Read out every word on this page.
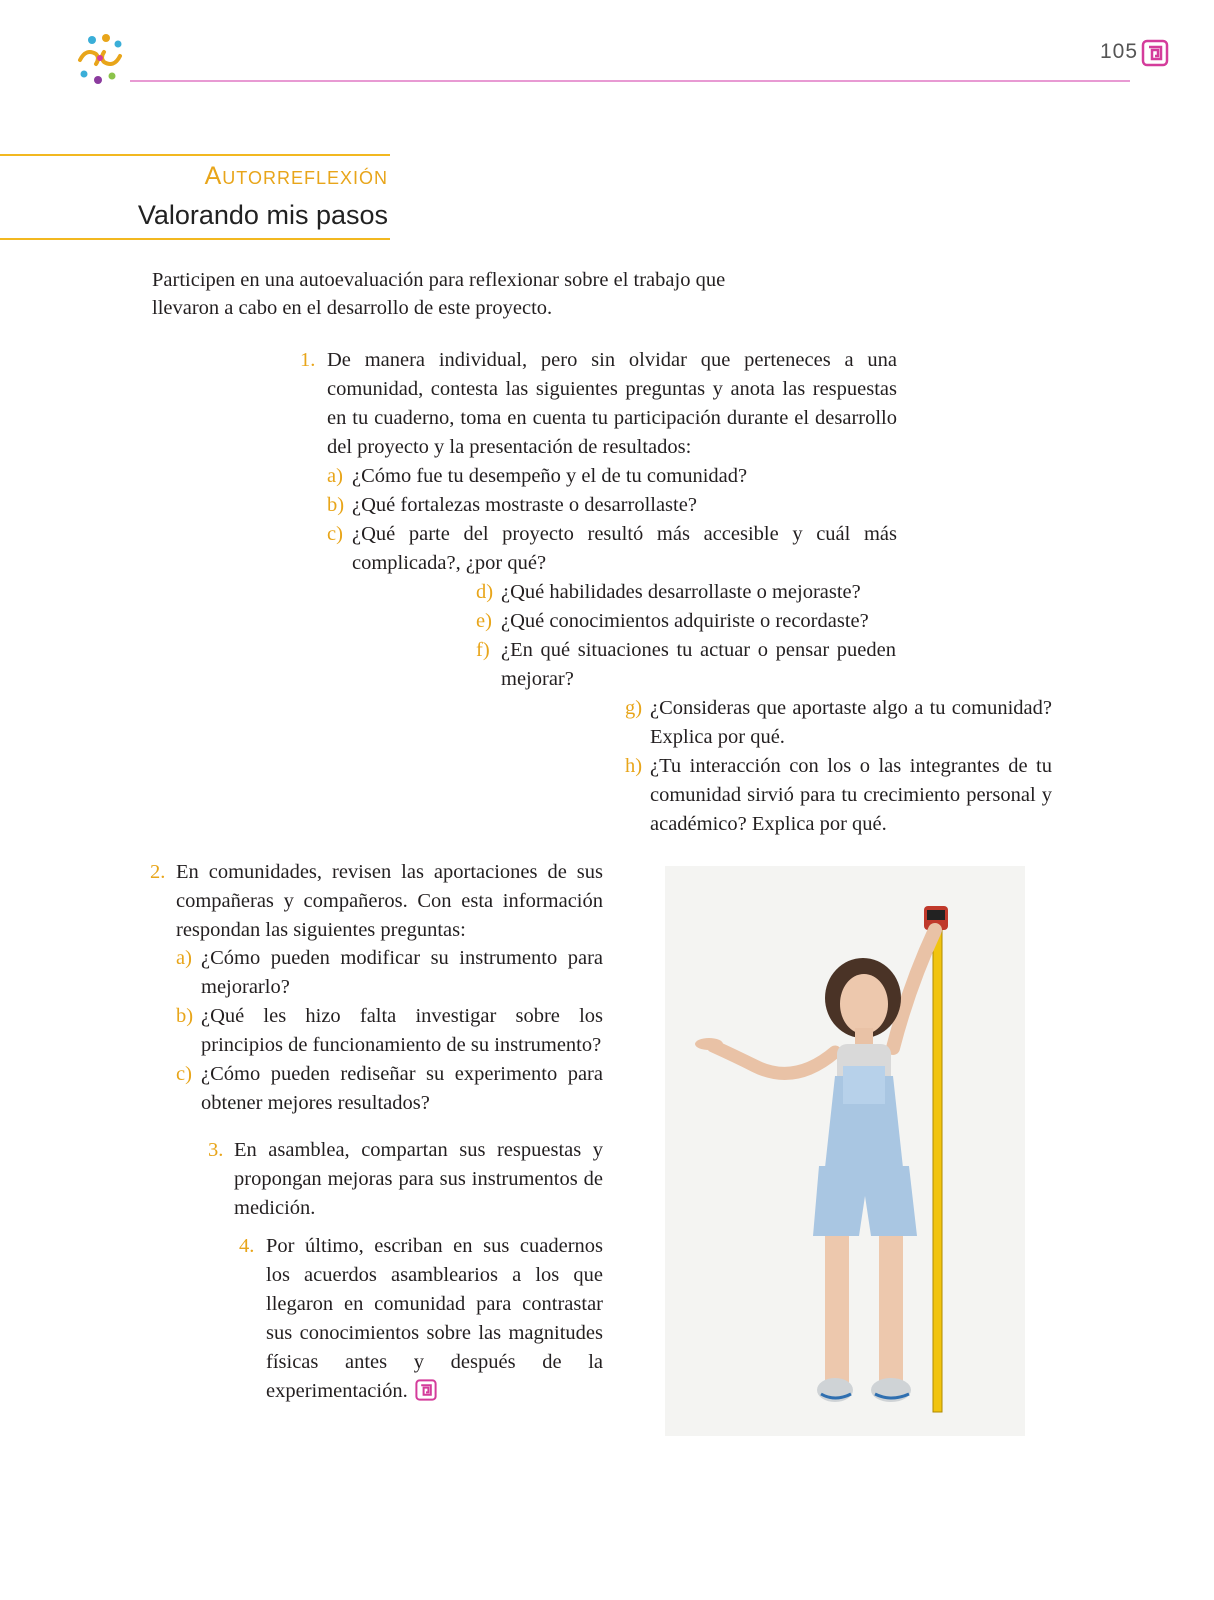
105
Autorreflexión
Valorando mis pasos
Participen en una autoevaluación para reflexionar sobre el trabajo que llevaron a cabo en el desarrollo de este proyecto.
1. De manera individual, pero sin olvidar que perteneces a una comunidad, contesta las siguientes preguntas y anota las respuestas en tu cuaderno, toma en cuenta tu participación durante el desarrollo del proyecto y la presentación de resultados:
a) ¿Cómo fue tu desempeño y el de tu comunidad?
b) ¿Qué fortalezas mostraste o desarrollaste?
c) ¿Qué parte del proyecto resultó más accesible y cuál más complicada?, ¿por qué?
d) ¿Qué habilidades desarrollaste o mejoraste?
e) ¿Qué conocimientos adquiriste o recordaste?
f) ¿En qué situaciones tu actuar o pensar pueden mejorar?
g) ¿Consideras que aportaste algo a tu comunidad? Explica por qué.
h) ¿Tu interacción con los o las integrantes de tu comunidad sirvió para tu crecimiento personal y académico? Explica por qué.
2. En comunidades, revisen las aportaciones de sus compañeras y compañeros. Con esta información respondan las siguientes preguntas:
a) ¿Cómo pueden modificar su instrumento para mejorarlo?
b) ¿Qué les hizo falta investigar sobre los principios de funcionamiento de su instrumento?
c) ¿Cómo pueden rediseñar su experimento para obtener mejores resultados?
3. En asamblea, compartan sus respuestas y propongan mejoras para sus instrumentos de medición.
4. Por último, escriban en sus cuadernos los acuerdos asamblearios a los que llegaron en comunidad para contrastar sus conocimientos sobre las magnitudes físicas antes y después de la experimentación.
